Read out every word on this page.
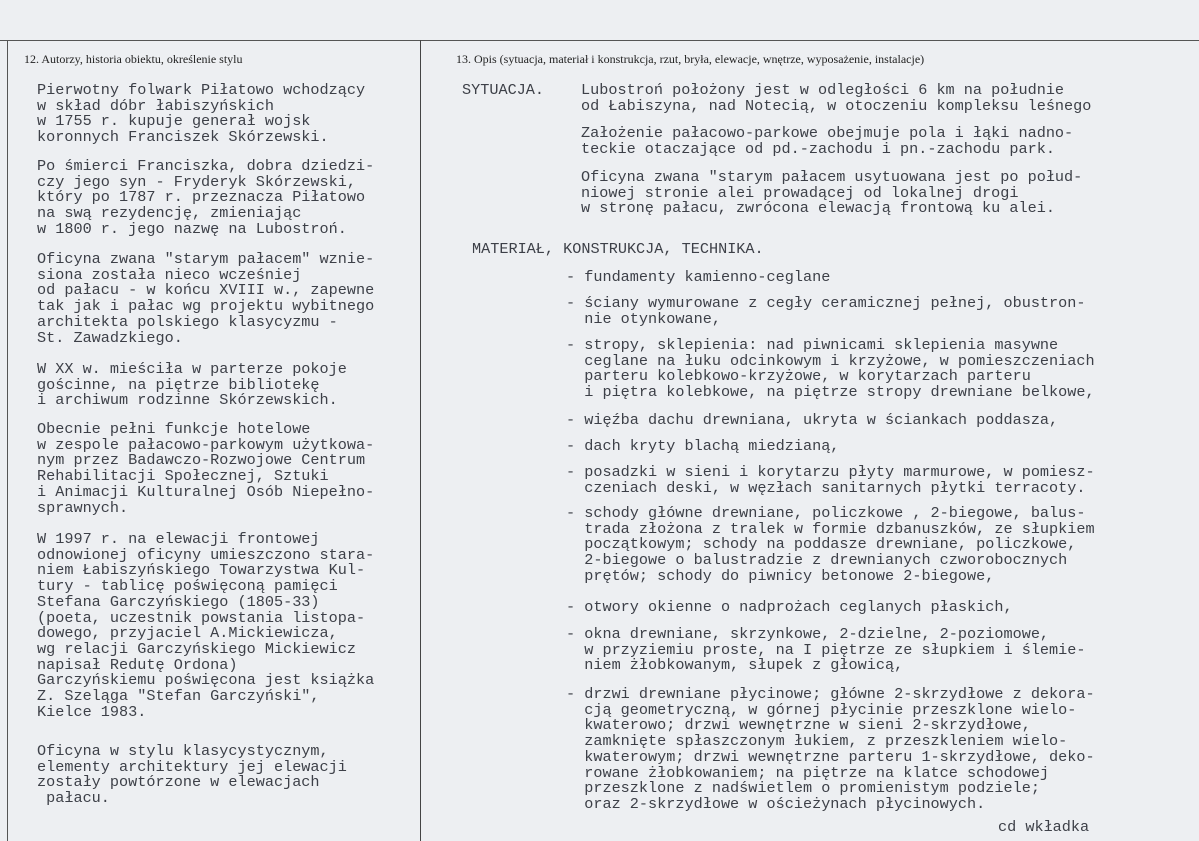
12. Autorzy, historia obiektu, określenie stylu	13. Opis (sytuacja, materiał i konstrukcja, rzut, bryła, elewacje, wnętrze, wyposażenie, instalacje)
Pierwotny folwark Piłatowo wchodzący
w skład dóbr łabiszyńskich
w 1755 r. kupuje generał wojsk
koronnych Franciszek Skórzewski.
Po śmierci Franciszka, dobra dziedzi-
czy jego syn - Fryderyk Skórzewski,
który po 1787 r. przeznacza Piłatowo
na swą rezydencję, zmieniając
w 1800 r. jego nazwę na Lubostroń.
Oficyna zwana "starym pałacem" wznie-
siona została nieco wcześniej
od pałacu - w końcu XVIII w., zapewne
tak jak i pałac wg projektu wybitnego
architekta polskiego klasycyzmu -
St. Zawadzkiego.
W XX w. mieściła w parterze pokoje
gościnne, na piętrze bibliotekę
i archiwum rodzinne Skórzewskich.
Obecnie pełni funkcje hotelowe
w zespole pałacowo-parkowym użytkowa-
nym przez Badawczo-Rozwojowe Centrum
Rehabilitacji Społecznej, Sztuki
i Animacji Kulturalnej Osób Niepełno-
sprawnych.
W 1997 r. na elewacji frontowej
odnowionej oficyny umieszczono stara-
niem Łabiszyńskiego Towarzystwa Kul-
tury - tablicę poświęconą pamięci
Stefana Garczyńskiego (1805-33)
(poeta, uczestnik powstania listopa-
dowego, przyjaciel A.Mickiewicza,
wg relacji Garczyńskiego Mickiewicz
napisał Redutę Ordona)
Garczyńskiemu poświęcona jest książka
Z. Szeląga "Stefan Garczyński",
Kielce 1983.
Oficyna w stylu klasycystycznym,
elementy architektury jej elewacji
zostały powtórzone w elewacjach
pałacu.
SYTUACJA. Lubostroń położony jest w odległości 6 km na południe
od Łabiszyna, nad Notecią, w otoczeniu kompleksu leśnego
Założenie pałacowo-parkowe obejmuje pola i łąki nadno-
teckie otaczające od pd.-zachodu i pn.-zachodu park.
Oficyna zwana "starym pałacem usytuowana jest po połud-
niowej stronie alei prowadącej od lokalnej drogi
w stronę pałacu, zwrócona elewacją frontową ku alei.
MATERIAŁ, KONSTRUKCJA, TECHNIKA.
- fundamenty kamienno-ceglane
- ściany wymurowane z cegły ceramicznej pełnej, obustron-
nie otynkowane,
- stropy, sklepienia: nad piwnicami sklepienia masywne
ceglane na łuku odcinkowym i krzyżowe, w pomieszczeniach
parteru kolebkowo-krzyżowe, w korytarzach parteru
i piętra kolebkowe, na piętrze stropy drewniane belkowe,
- więźba dachu drewniana, ukryta w ściankach poddasza,
- dach kryty blachą miedzianą,
- posadzki w sieni i korytarzu płyty marmurowe, w pomiesz-
czeniach deski, w węzłach sanitarnych płytki terracoty.
- schody główne drewniane, policzkowe , 2-biegowe, balus-
trada złożona z tralek w formie dzbanuszków, ze słupkiem
początkowym; schody na poddasze drewniane, policzkowe,
2-biegowe o balustradzie z drewnianych czworobocznych
prętów; schody do piwnicy betonowe 2-biegowe,
- otwory okienne o nadprożach ceglanych płaskich,
- okna drewniane, skrzynkowe, 2-dzielne, 2-poziomowe,
w przyziemiu proste, na I piętrze ze słupkiem i ślemie-
niem żłobkowanym, słupek z głowicą,
- drzwi drewniane płycinowe; główne 2-skrzydłowe z dekora-
cją geometryczną, w górnej płycinie przeszklone wielo-
kwaterowo; drzwi wewnętrzne w sieni 2-skrzydłowe,
zamknięte spłaszczonym łukiem, z przeszkleniem wielo-
kwaterowym; drzwi wewnętrzne parteru 1-skrzydłowe, deko-
rowane żłobkowaniem; na piętrze na klatce schodowej
przeszklone z nadświetlem o promienistym podziele;
oraz 2-skrzydłowe w ościeżynach płycinowych.
cd wkładka
